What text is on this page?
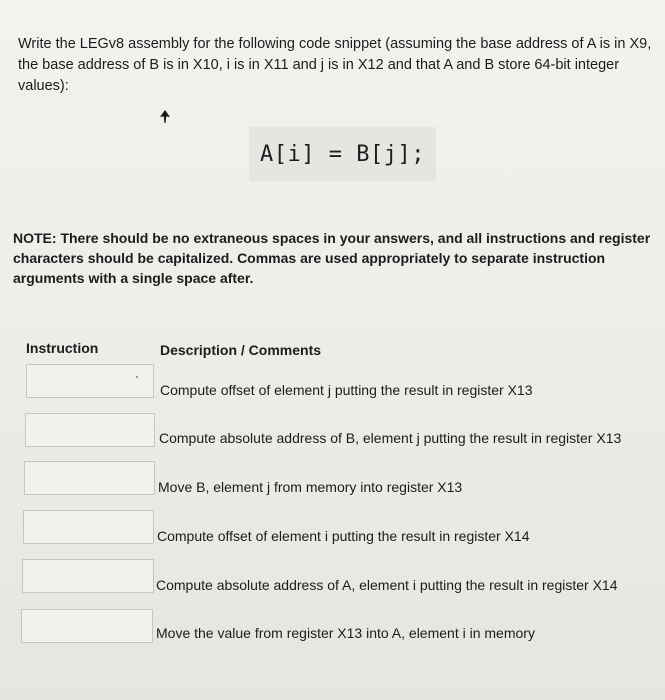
Write the LEGv8 assembly for the following code snippet (assuming the base address of A is in X9,
the base address of B is in X10, i is in X11 and j is in X12 and that A and B store 64-bit integer
values):
A[i] = B[j];
NOTE: There should be no extraneous spaces in your answers, and all instructions and register
characters should be capitalized. Commas are used appropriately to separate instruction
arguments with a single space after.
Instruction	Description / Comments
Compute offset of element j putting the result in register X13
Compute absolute address of B, element j putting the result in register X13
Move B, element j from memory into register X13
Compute offset of element i putting the result in register X14
Compute absolute address of A, element i putting the result in register X14
Move the value from register X13 into A, element i in memory
